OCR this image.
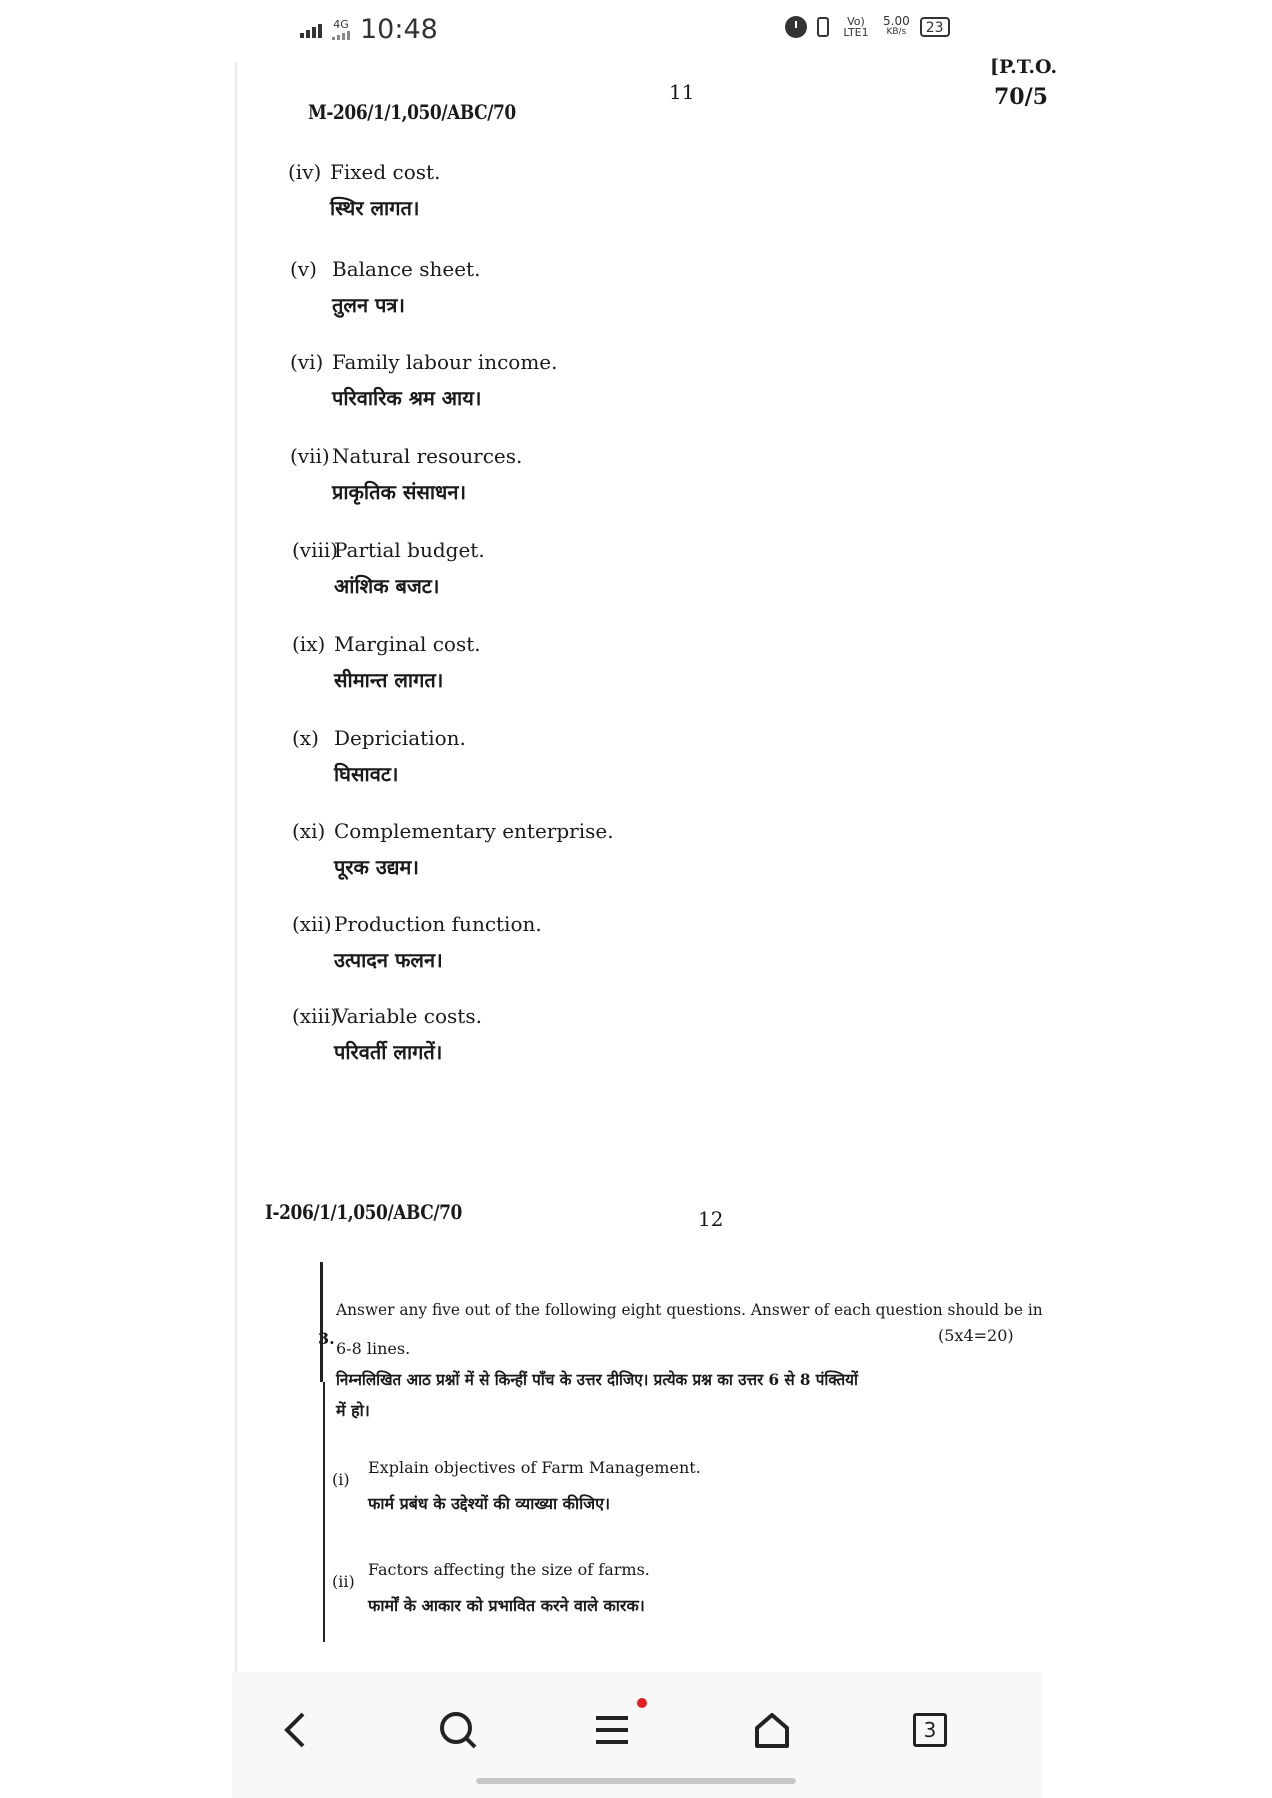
4G 10:48	Vo) LTE1
5.00
KB/s	23
M-206/1/1,050/ABC/70
11
[P.T.O.
70/5
(iv) Fixed cost.
स्थिर लागत।
(v) Balance sheet.
तुलन पत्र।
(vi) Family labour income.
परिवारिक श्रम आय।
(vii) Natural resources.
प्राकृतिक संसाधन।
(viii)
Partial budget.
आंशिक बजट।
(ix) Marginal cost.
सीमान्त लागत।
(x) Depriciation.
घिसावट।
(xi) Complementary enterprise.
पूरक उद्यम।
(xii) Production function.
उत्पादन फलन।
(xiii)
Variable costs.
परिवर्ती लागतें।
I-206/1/1,050/ABC/70	12
3.
Answer any five out of the following eight questions. Answer of each question should be in
(5x4=20)
6-8 lines.
निम्नलिखित आठ प्रश्नों में से किन्हीं पाँच के उत्तर दीजिए। प्रत्येक प्रश्न का उत्तर 6 से 8 पंक्तियों
में हो।
(i)
Explain objectives of Farm Management.
फार्म प्रबंध के उद्देश्यों की व्याख्या कीजिए।
(ii)
Factors affecting the size of farms.
फार्मों के आकार को प्रभावित करने वाले कारक।
3
